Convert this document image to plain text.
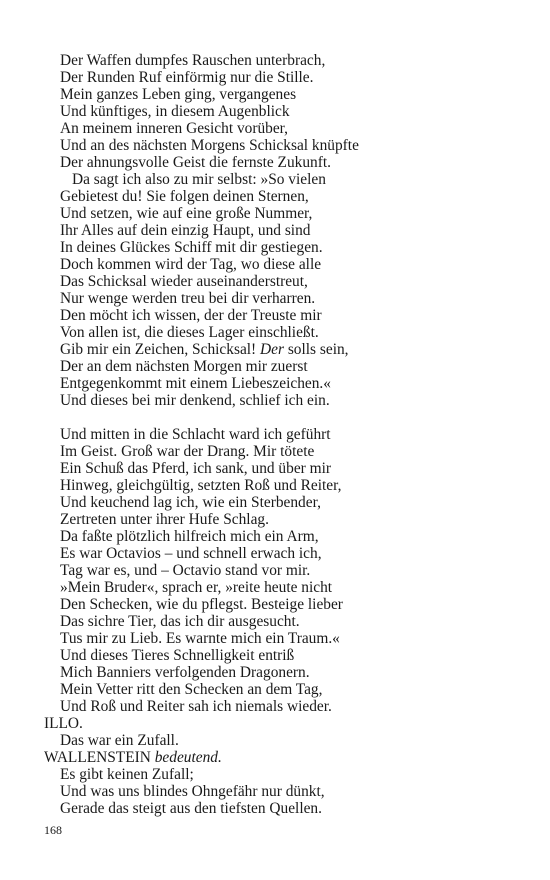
Der Waffen dumpfes Rauschen unterbrach,
Der Runden Ruf einförmig nur die Stille.
Mein ganzes Leben ging, vergangenes
Und künftiges, in diesem Augenblick
An meinem inneren Gesicht vorüber,
Und an des nächsten Morgens Schicksal knüpfte
Der ahnungsvolle Geist die fernste Zukunft.
Da sagt ich also zu mir selbst: »So vielen
Gebietest du! Sie folgen deinen Sternen,
Und setzen, wie auf eine große Nummer,
Ihr Alles auf dein einzig Haupt, und sind
In deines Glückes Schiff mit dir gestiegen.
Doch kommen wird der Tag, wo diese alle
Das Schicksal wieder auseinanderstreut,
Nur wenge werden treu bei dir verharren.
Den möcht ich wissen, der der Treuste mir
Von allen ist, die dieses Lager einschließt.
Gib mir ein Zeichen, Schicksal! Der solls sein,
Der an dem nächsten Morgen mir zuerst
Entgegenkommt mit einem Liebeszeichen.«
Und dieses bei mir denkend, schlief ich ein.
Und mitten in die Schlacht ward ich geführt
Im Geist. Groß war der Drang. Mir tötete
Ein Schuß das Pferd, ich sank, und über mir
Hinweg, gleichgültig, setzten Roß und Reiter,
Und keuchend lag ich, wie ein Sterbender,
Zertreten unter ihrer Hufe Schlag.
Da faßte plötzlich hilfreich mich ein Arm,
Es war Octavios – und schnell erwach ich,
Tag war es, und – Octavio stand vor mir.
»Mein Bruder«, sprach er, »reite heute nicht
Den Schecken, wie du pflegst. Besteige lieber
Das sichre Tier, das ich dir ausgesucht.
Tus mir zu Lieb. Es warnte mich ein Traum.«
Und dieses Tieres Schnelligkeit entriß
Mich Banniers verfolgenden Dragonern.
Mein Vetter ritt den Schecken an dem Tag,
Und Roß und Reiter sah ich niemals wieder.
ILLO.
Das war ein Zufall.
WALLENSTEIN bedeutend.
Es gibt keinen Zufall;
Und was uns blindes Ohngefähr nur dünkt,
Gerade das steigt aus den tiefsten Quellen.
168
